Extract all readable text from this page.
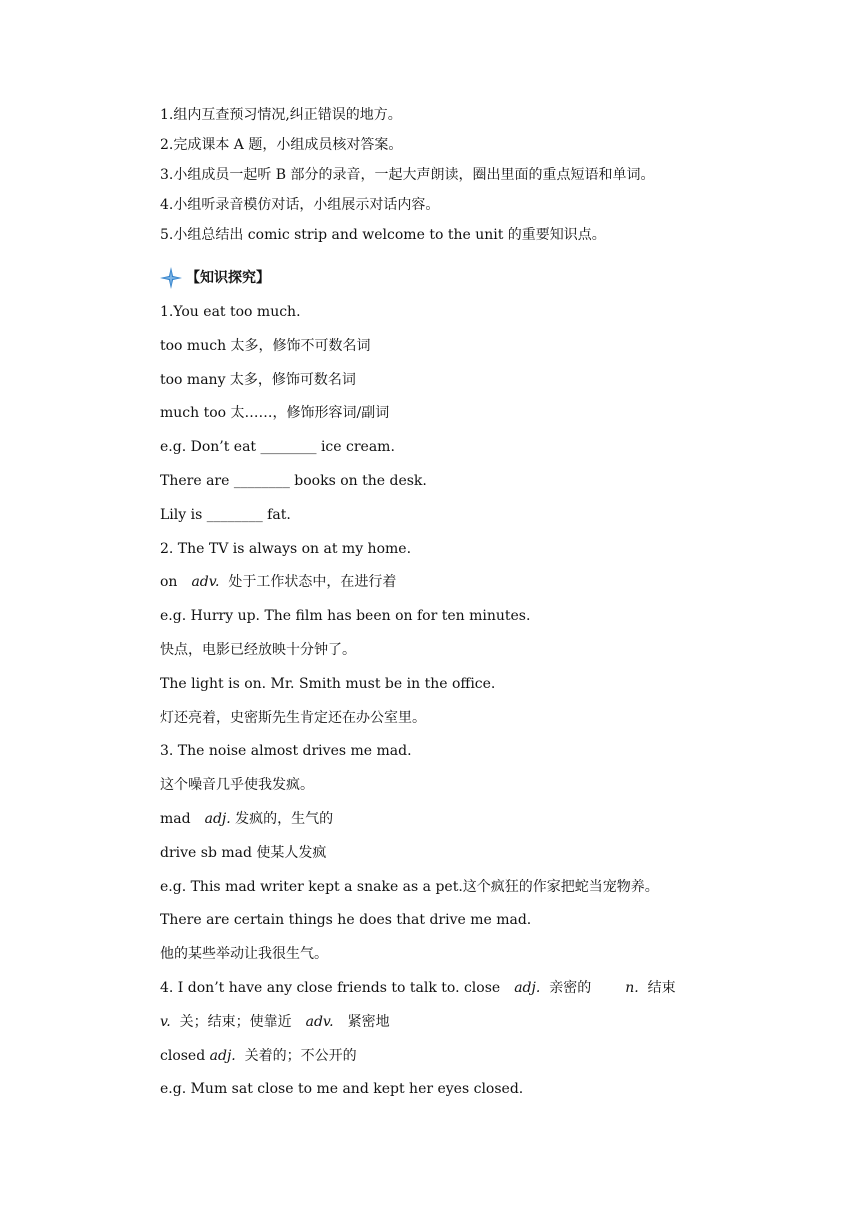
1.组内互查预习情况,纠正错误的地方。
2.完成课本 A 题，小组成员核对答案。
3.小组成员一起听 B 部分的录音，一起大声朗读，圈出里面的重点短语和单词。
4.小组听录音模仿对话，小组展示对话内容。
5.小组总结出 comic strip and welcome to the unit 的重要知识点。
【知识探究】
1.You eat too much.
too much 太多，修饰不可数名词
too many 太多，修饰可数名词
much too 太……，修饰形容词/副词
e.g. Don’t eat ________ ice cream.
There are ________ books on the desk.
Lily is ________ fat.
2. The TV is always on at my home.
on adv. 处于工作状态中，在进行着
e.g. Hurry up. The film has been on for ten minutes.
快点，电影已经放映十分钟了。
The light is on. Mr. Smith must be in the office.
灯还亮着，史密斯先生肯定还在办公室里。
3. The noise almost drives me mad.
这个噪音几乎使我发疯。
mad adj. 发疯的，生气的
drive sb mad 使某人发疯
e.g. This mad writer kept a snake as a pet.这个疯狂的作家把蛇当宠物养。
There are certain things he does that drive me mad.
他的某些举动让我很生气。
4. I don’t have any close friends to talk to. close adj. 亲密的 n. 结束
v. 关；结束；使靠近 adv. 紧密地
closed adj. 关着的；不公开的
e.g. Mum sat close to me and kept her eyes closed.
